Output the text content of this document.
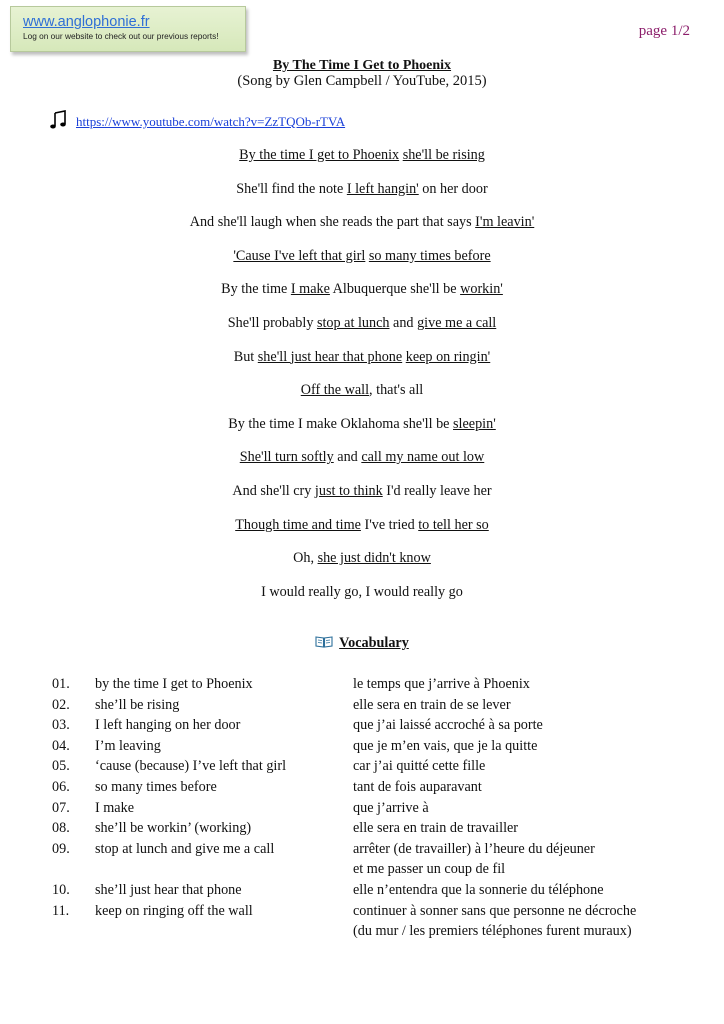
www.anglophonie.fr
Log on our website to check out our previous reports!	page 1/2
By The Time I Get to Phoenix
(Song by Glen Campbell / YouTube, 2015)
https://www.youtube.com/watch?v=ZzTQOb-rTVA
By the time I get to Phoenix she'll be rising
She'll find the note I left hangin' on her door
And she'll laugh when she reads the part that says I'm leavin'
'Cause I've left that girl so many times before
By the time I make Albuquerque she'll be workin'
She'll probably stop at lunch and give me a call
But she'll just hear that phone keep on ringin'
Off the wall, that's all
By the time I make Oklahoma she'll be sleepin'
She'll turn softly and call my name out low
And she'll cry just to think I'd really leave her
Though time and time I've tried to tell her so
Oh, she just didn't know
I would really go, I would really go
Vocabulary
01. by the time I get to Phoenix	le temps que j’arrive à Phoenix
02. she’ll be rising	elle sera en train de se lever
03. I left hanging on her door	que j’ai laissé accroché à sa porte
04. I’m leaving	que je m’en vais, que je la quitte
05. ‘cause (because) I’ve left that girl	car j’ai quitté cette fille
06. so many times before	tant de fois auparavant
07. I make	que j’arrive à
08. she’ll be workin’ (working)	elle sera en train de travailler
09. stop at lunch and give me a call	arrêter (de travailler) à l’heure du déjeuner
et me passer un coup de fil
10. she’ll just hear that phone	elle n’entendra que la sonnerie du téléphone
11. keep on ringing off the wall	continuer à sonner sans que personne ne décroche
(du mur / les premiers téléphones furent muraux)
